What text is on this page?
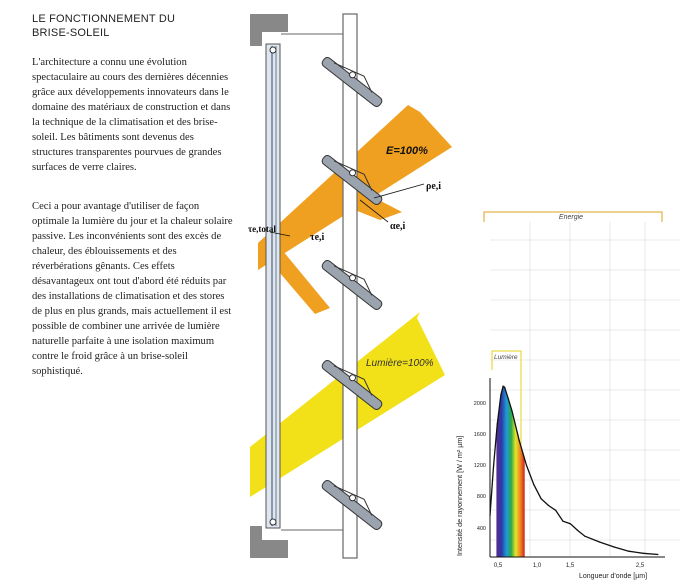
LE FONCTIONNEMENT DU
BRISE-SOLEIL

L'architecture a connu une évolution spectaculaire au cours des dernières décennies grâce aux développements innovateurs dans le domaine des matériaux de construction et dans la technique de la climatisation et des brise-soleil. Les bâtiments sont devenus des structures transparentes pourvues de grandes surfaces de verre claires.

Ceci a pour avantage d'utiliser de façon optimale la lumière du jour et la chaleur solaire passive. Les inconvénients sont des excès de chaleur, des éblouissements et des réverbérations gênants. Ces effets désavantageux ont tout d'abord été réduits par des installations de climatisation et des stores de plus en plus grands, mais actuellement il est possible de combiner une arrivée de lumière naturelle parfaite à une isolation maximum contre le froid grâce à un brise-soleil sophistiqué.

E=100%
Lumière=100%
ρe,i
αe,i
τe,i
τe,total
Energie
Lumière
400
800
1200
1600
2000
0,5	1,0	1,5	2,5
Intensité de rayonnement [W / m² µm]
Longueur d'onde [µm]
